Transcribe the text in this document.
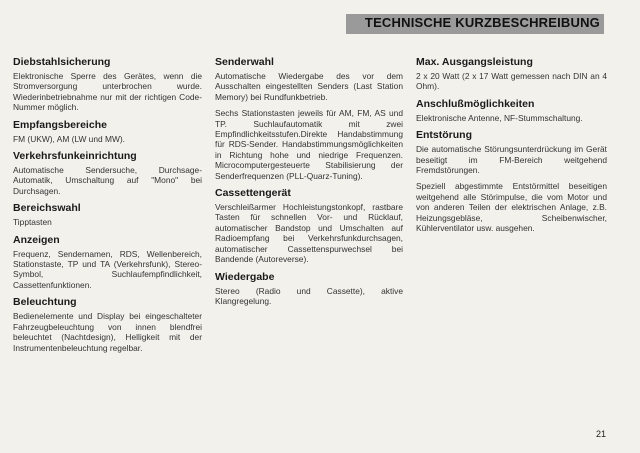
TECHNISCHE KURZBESCHREIBUNG
Diebstahlsicherung

Elektronische Sperre des Gerätes, wenn die Stromversorgung unterbrochen wurde. Wiederinbetriebnahme nur mit der richtigen Code-Nummer möglich.

Empfangsbereiche

FM (UKW), AM (LW und MW).

Verkehrsfunkeinrichtung

Automatische Sendersuche, Durchsage-Automatik, Umschaltung auf "Mono" bei Durchsagen.

Bereichswahl

Tipptasten

Anzeigen

Frequenz, Sendernamen, RDS, Wellenbereich, Stationstaste, TP und TA (Verkehrsfunk), Stereo-Symbol, Suchlaufempfindlichkeit, Cassettenfunktionen.

Beleuchtung

Bedienelemente und Display bei eingeschalteter Fahrzeugbeleuchtung von innen blendfrei beleuchtet (Nachtdesign), Helligkeit mit der Instrumentenbeleuchtung regelbar.

Senderwahl

Automatische Wiedergabe des vor dem Ausschalten eingestellten Senders (Last Station Memory) bei Rundfunkbetrieb.

Sechs Stationstasten jeweils für AM, FM, AS und TP. Suchlaufautomatik mit zwei Empfindlichkeitsstufen.Direkte Handabstimmung für RDS-Sender. Handabstimmungsmöglichkeiten in Richtung hohe und niedrige Frequenzen. Microcomputergesteuerte Stabilisierung der Senderfrequenzen (PLL-Quarz-Tuning).

Cassettengerät

Verschleißarmer Hochleistungstonkopf, rastbare Tasten für schnellen Vor- und Rücklauf, automatischer Bandstop und Umschalten auf Radioempfang bei Verkehrsfunkdurchsagen, automatischer Cassettenspurwechsel bei Bandende (Autoreverse).

Wiedergabe

Stereo (Radio und Cassette), aktive Klangregelung.

Max. Ausgangsleistung

2 x 20 Watt (2 x 17 Watt gemessen nach DIN an 4 Ohm).

Anschlußmöglichkeiten

Elektronische Antenne, NF-Stummschaltung.

Entstörung

Die automatische Störungsunterdrückung im Gerät beseitigt im FM-Bereich weitgehend Fremdstörungen.

Speziell abgestimmte Entstörmittel beseitigen weitgehend alle Störimpulse, die vom Motor und von anderen Teilen der elektrischen Anlage, z.B. Heizungsgebläse, Scheibenwischer, Kühlerventilator usw. ausgehen.

21
